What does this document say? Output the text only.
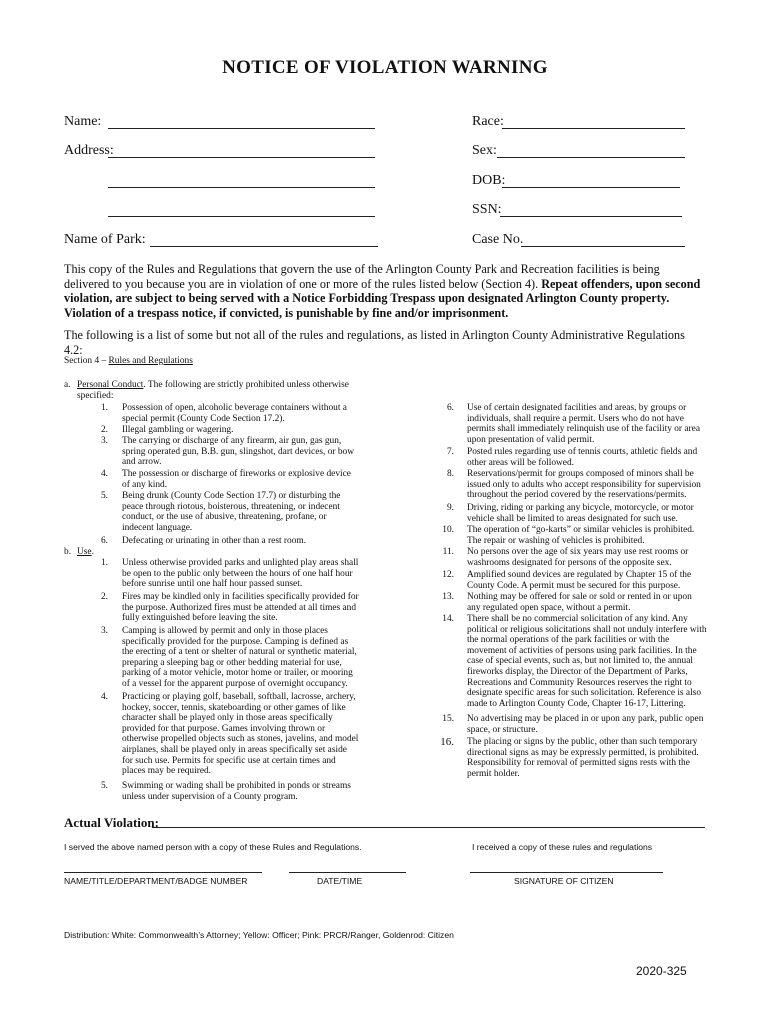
NOTICE OF VIOLATION WARNING
Name:	Race:
Address:	Sex:
DOB:
SSN:
Name of Park:	Case No.
This copy of the Rules and Regulations that govern the use of the Arlington County Park and Recreation facilities is being delivered to you because you are in violation of one or more of the rules listed below (Section 4). Repeat offenders, upon second violation, are subject to being served with a Notice Forbidding Trespass upon designated Arlington County property. Violation of a trespass notice, if convicted, is punishable by fine and/or imprisonment.
The following is a list of some but not all of the rules and regulations, as listed in Arlington County Administrative Regulations 4.2:
Section 4 – Rules and Regulations
a. Personal Conduct. The following are strictly prohibited unless otherwise
specified:
b. Use.
1. Possession of open, alcoholic beverage containers without a special permit (County Code Section 17.2).
2. Illegal gambling or wagering.
3. The carrying or discharge of any firearm, air gun, gas gun, spring operated gun, B.B. gun, slingshot, dart devices, or bow and arrow.
4. The possession or discharge of fireworks or explosive device of any kind.
5. Being drunk (County Code Section 17.7) or disturbing the peace through riotous, boisterous, threatening, or indecent conduct, or the use of abusive, threatening, profane, or indecent language.
6. Defecating or urinating in other than a rest room.
1. Unless otherwise provided parks and unlighted play areas shall be open to the public only between the hours of one half hour before sunrise until one half hour passed sunset.
2. Fires may be kindled only in facilities specifically provided for the purpose. Authorized fires must be attended at all times and fully extinguished before leaving the site.
3. Camping is allowed by permit and only in those places specifically provided for the purpose. Camping is defined as the erecting of a tent or shelter of natural or synthetic material, preparing a sleeping bag or other bedding material for use, parking of a motor vehicle, motor home or trailer, or mooring of a vessel for the apparent purpose of overnight occupancy.
4. Practicing or playing golf, baseball, softball, lacrosse, archery, hockey, soccer, tennis, skateboarding or other games of like character shall be played only in those areas specifically provided for that purpose. Games involving thrown or otherwise propelled objects such as stones, javelins, and model airplanes, shall be played only in areas specifically set aside for such use. Permits for specific use at certain times and places may be required.
5. Swimming or wading shall be prohibited in ponds or streams unless under supervision of a County program.
6. Use of certain designated facilities and areas, by groups or individuals, shall require a permit. Users who do not have permits shall immediately relinquish use of the facility or area upon presentation of valid permit.
7. Posted rules regarding use of tennis courts, athletic fields and other areas will be followed.
8. Reservations/permit for groups composed of minors shall be issued only to adults who accept responsibility for supervision throughout the period covered by the reservations/permits.
9. Driving, riding or parking any bicycle, motorcycle, or motor vehicle shall be limited to areas designated for such use.
10. The operation of “go-karts” or similar vehicles is prohibited. The repair or washing of vehicles is prohibited.
11. No persons over the age of six years may use rest rooms or washrooms designated for persons of the opposite sex.
12. Amplified sound devices are regulated by Chapter 15 of the County Code. A permit must be secured for this purpose.
13. Nothing may be offered for sale or sold or rented in or upon any regulated open space, without a permit.
14. There shall be no commercial solicitation of any kind. Any political or religious solicitations shall not unduly interfere with the normal operations of the park facilities or with the movement of activities of persons using park facilities. In the case of special events, such as, but not limited to, the annual fireworks display, the Director of the Department of Parks, Recreations and Community Resources reserves the right to designate specific areas for such solicitation. Reference is also made to Arlington County Code, Chapter 16-17, Littering.
15. No advertising may be placed in or upon any park, public open space, or structure.
16. The placing or signs by the public, other than such temporary directional signs as may be expressly permitted, is prohibited. Responsibility for removal of permitted signs rests with the permit holder.
Actual Violation:
I served the above named person with a copy of these Rules and Regulations.	I received a copy of these rules and regulations
NAME/TITLE/DEPARTMENT/BADGE NUMBER	DATE/TIME	SIGNATURE OF CITIZEN
Distribution: White: Commonwealth’s Attorney; Yellow: Officer; Pink: PRCR/Ranger, Goldenrod: Citizen
2020-325
